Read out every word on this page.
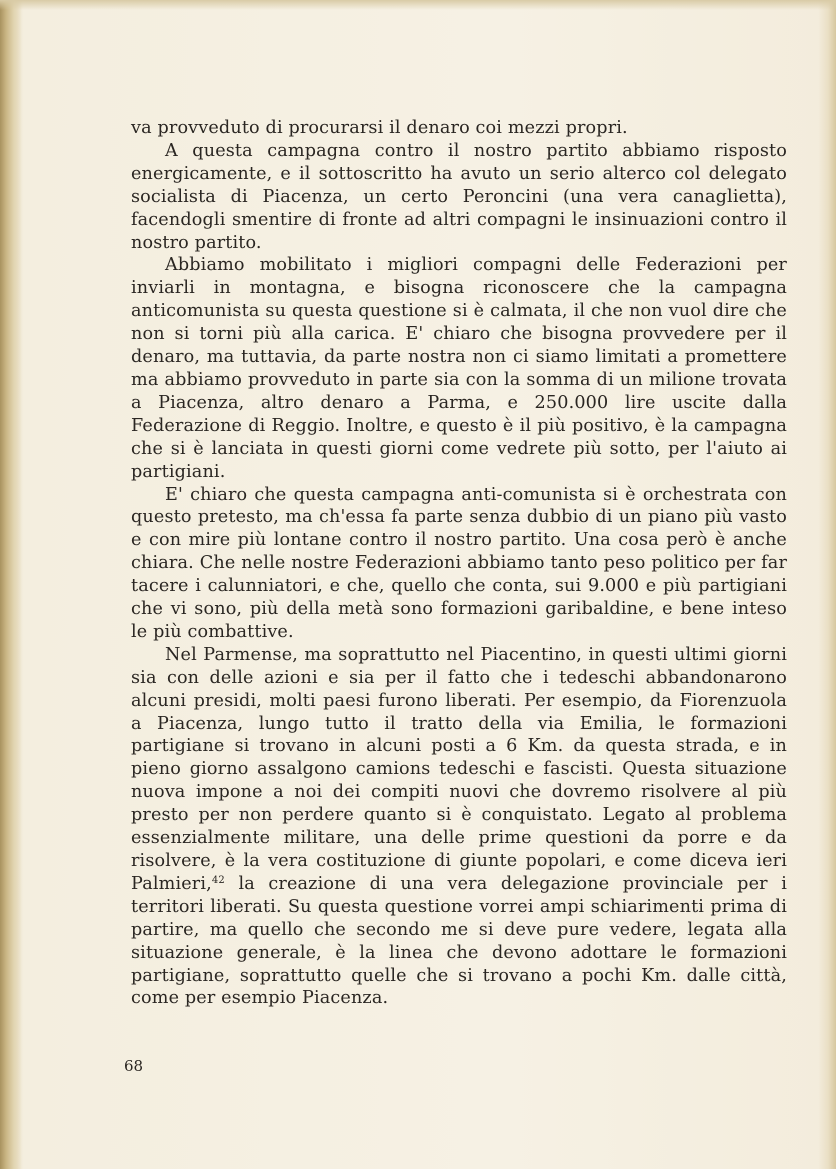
va provveduto di procurarsi il denaro coi mezzi propri.

A questa campagna contro il nostro partito abbiamo risposto energicamente, e il sottoscritto ha avuto un serio alterco col delegato socialista di Piacenza, un certo Peroncini (una vera canaglietta), facendogli smentire di fronte ad altri compagni le insinuazioni contro il nostro partito.

Abbiamo mobilitato i migliori compagni delle Federazioni per inviarli in montagna, e bisogna riconoscere che la campagna anticomunista su questa questione si è calmata, il che non vuol dire che non si torni più alla carica. E' chiaro che bisogna provvedere per il denaro, ma tuttavia, da parte nostra non ci siamo limitati a promettere ma abbiamo provveduto in parte sia con la somma di un milione trovata a Piacenza, altro denaro a Parma, e 250.000 lire uscite dalla Federazione di Reggio. Inoltre, e questo è il più positivo, è la campagna che si è lanciata in questi giorni come vedrete più sotto, per l'aiuto ai partigiani.

E' chiaro che questa campagna anti-comunista si è orchestrata con questo pretesto, ma ch'essa fa parte senza dubbio di un piano più vasto e con mire più lontane contro il nostro partito. Una cosa però è anche chiara. Che nelle nostre Federazioni abbiamo tanto peso politico per far tacere i calunniatori, e che, quello che conta, sui 9.000 e più partigiani che vi sono, più della metà sono formazioni garibaldine, e bene inteso le più combattive.

Nel Parmense, ma soprattutto nel Piacentino, in questi ultimi giorni sia con delle azioni e sia per il fatto che i tedeschi abbandonarono alcuni presidi, molti paesi furono liberati. Per esempio, da Fiorenzuola a Piacenza, lungo tutto il tratto della via Emilia, le formazioni partigiane si trovano in alcuni posti a 6 Km. da questa strada, e in pieno giorno assalgono camions tedeschi e fascisti. Questa situazione nuova impone a noi dei compiti nuovi che dovremo risolvere al più presto per non perdere quanto si è conquistato. Legato al problema essenzialmente militare, una delle prime questioni da porre e da risolvere, è la vera costituzione di giunte popolari, e come diceva ieri Palmieri,$^{42}$ la creazione di una vera delegazione provinciale per i territori liberati. Su questa questione vorrei ampi schiarimenti prima di partire, ma quello che secondo me si deve pure vedere, legata alla situazione generale, è la linea che devono adottare le formazioni partigiane, soprattutto quelle che si trovano a pochi Km. dalle città, come per esempio Piacenza.

68
